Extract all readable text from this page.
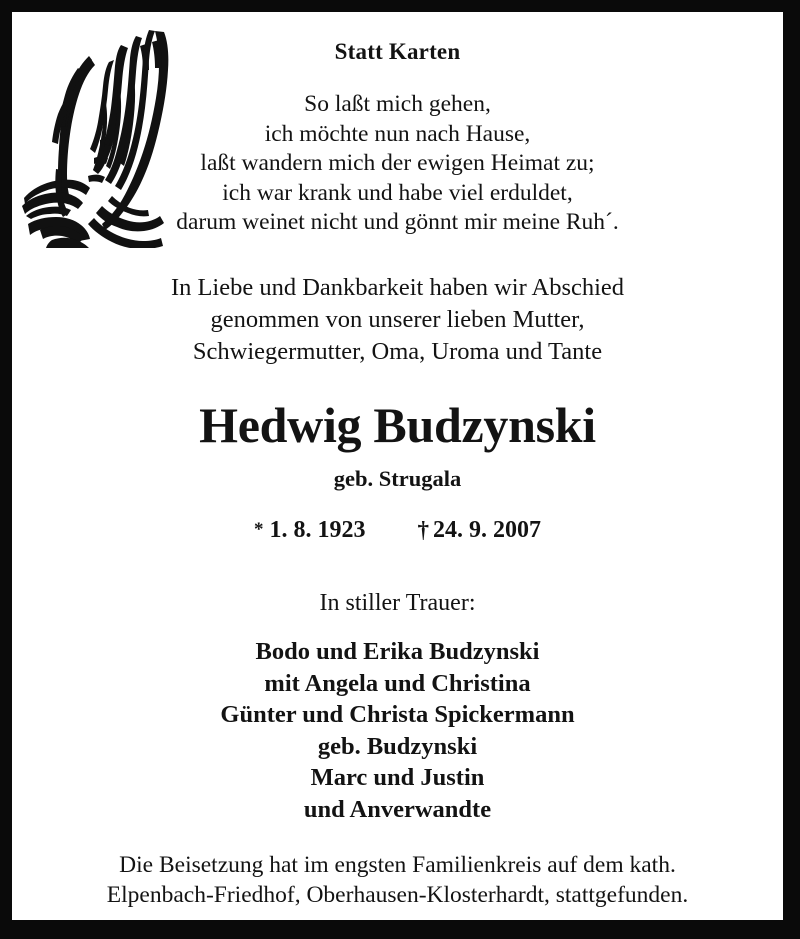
Statt Karten
So laßt mich gehen,
ich möchte nun nach Hause,
laßt wandern mich der ewigen Heimat zu;
ich war krank und habe viel erduldet,
darum weinet nicht und gönnt mir meine Ruh´.
In Liebe und Dankbarkeit haben wir Abschied
genommen von unserer lieben Mutter,
Schwiegermutter, Oma, Uroma und Tante
Hedwig Budzynski
geb. Strugala
* 1. 8. 1923 † 24. 9. 2007
In stiller Trauer:
Bodo und Erika Budzynski
mit Angela und Christina
Günter und Christa Spickermann
geb. Budzynski
Marc und Justin
und Anverwandte
Die Beisetzung hat im engsten Familienkreis auf dem kath.
Elpenbach-Friedhof, Oberhausen-Klosterhardt, stattgefunden.
